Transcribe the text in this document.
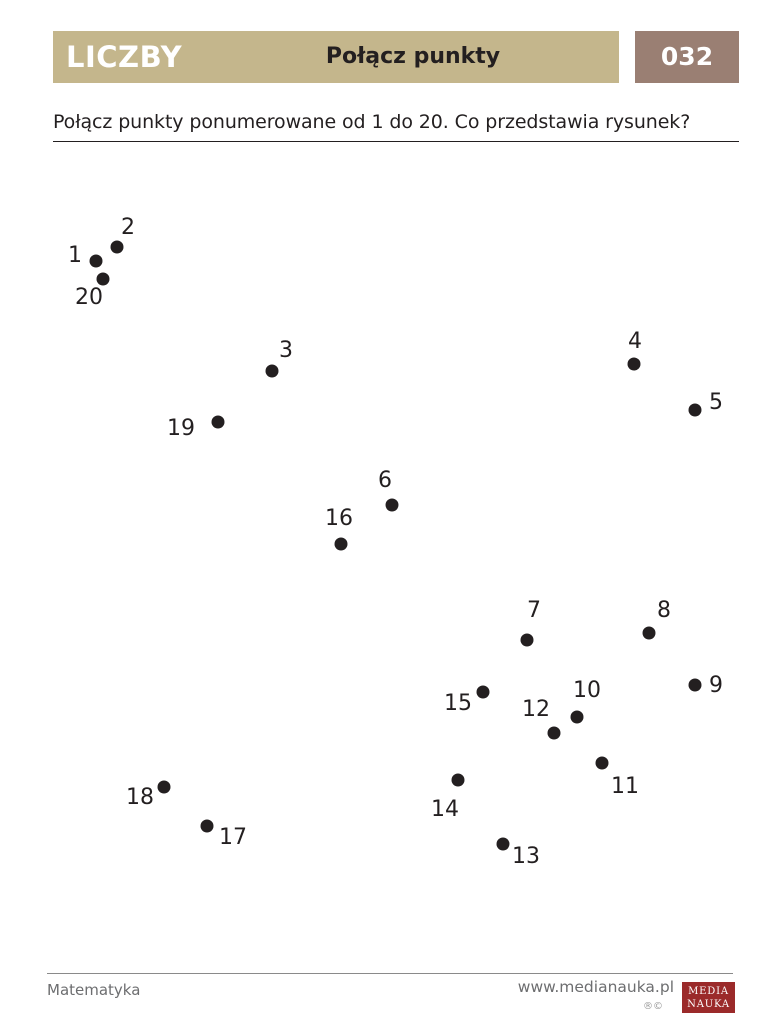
LICZBY	Połącz punkty	032
Połącz punkty ponumerowane od 1 do 20. Co przedstawia rysunek?
1
2
3	4
5
6
7	8
9
10
11
12
13
14
15
16
17
18
19
20
Matematyka	www.medianauka.pl
®©
MEDIA
NAUKA
